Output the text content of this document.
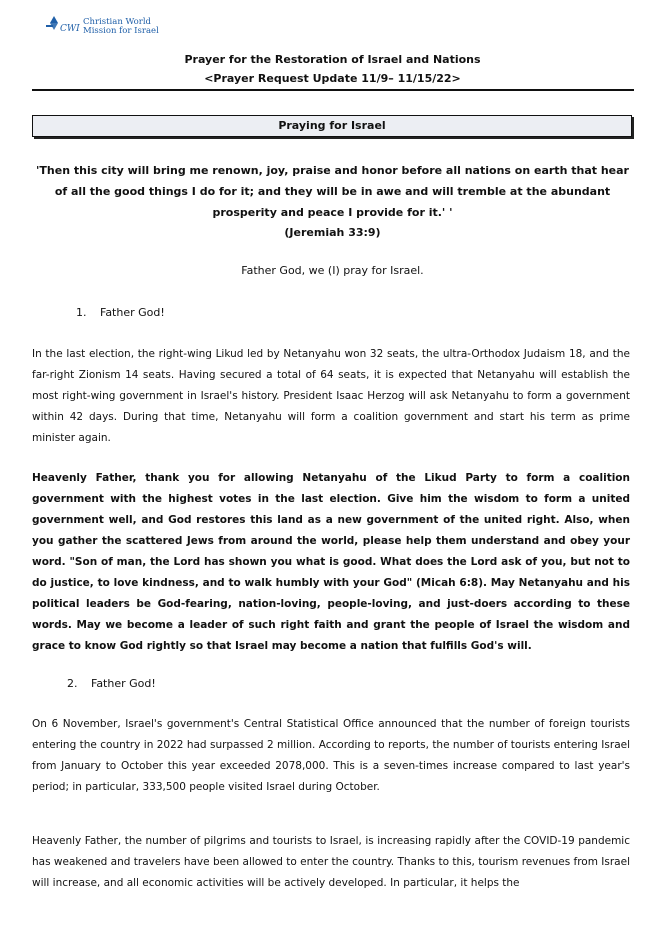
CWI
Christian World
Mission for Israel
Prayer for the Restoration of Israel and Nations
<Prayer Request Update 11/9– 11/15/22>
Praying for Israel
'Then this city will bring me renown, joy, praise and honor before all nations on earth that hear of all the good things I do for it; and they will be in awe and will tremble at the abundant prosperity and peace I provide for it.' '
(Jeremiah 33:9)
Father God, we (I) pray for Israel.
1. Father God!
In the last election, the right-wing Likud led by Netanyahu won 32 seats, the ultra-Orthodox Judaism 18, and the far-right Zionism 14 seats. Having secured a total of 64 seats, it is expected that Netanyahu will establish the most right-wing government in Israel's history. President Isaac Herzog will ask Netanyahu to form a government within 42 days. During that time, Netanyahu will form a coalition government and start his term as prime minister again.
Heavenly Father, thank you for allowing Netanyahu of the Likud Party to form a coalition government with the highest votes in the last election. Give him the wisdom to form a united government well, and God restores this land as a new government of the united right. Also, when you gather the scattered Jews from around the world, please help them understand and obey your word. "Son of man, the Lord has shown you what is good. What does the Lord ask of you, but not to do justice, to love kindness, and to walk humbly with your God" (Micah 6:8). May Netanyahu and his political leaders be God-fearing, nation-loving, people-loving, and just-doers according to these words. May we become a leader of such right faith and grant the people of Israel the wisdom and grace to know God rightly so that Israel may become a nation that fulfills God's will.
2. Father God!
On 6 November, Israel's government's Central Statistical Office announced that the number of foreign tourists entering the country in 2022 had surpassed 2 million. According to reports, the number of tourists entering Israel from January to October this year exceeded 2078,000. This is a seven-times increase compared to last year's period; in particular, 333,500 people visited Israel during October.
Heavenly Father, the number of pilgrims and tourists to Israel, is increasing rapidly after the COVID-19 pandemic has weakened and travelers have been allowed to enter the country. Thanks to this, tourism revenues from Israel will increase, and all economic activities will be actively developed. In particular, it helps the
